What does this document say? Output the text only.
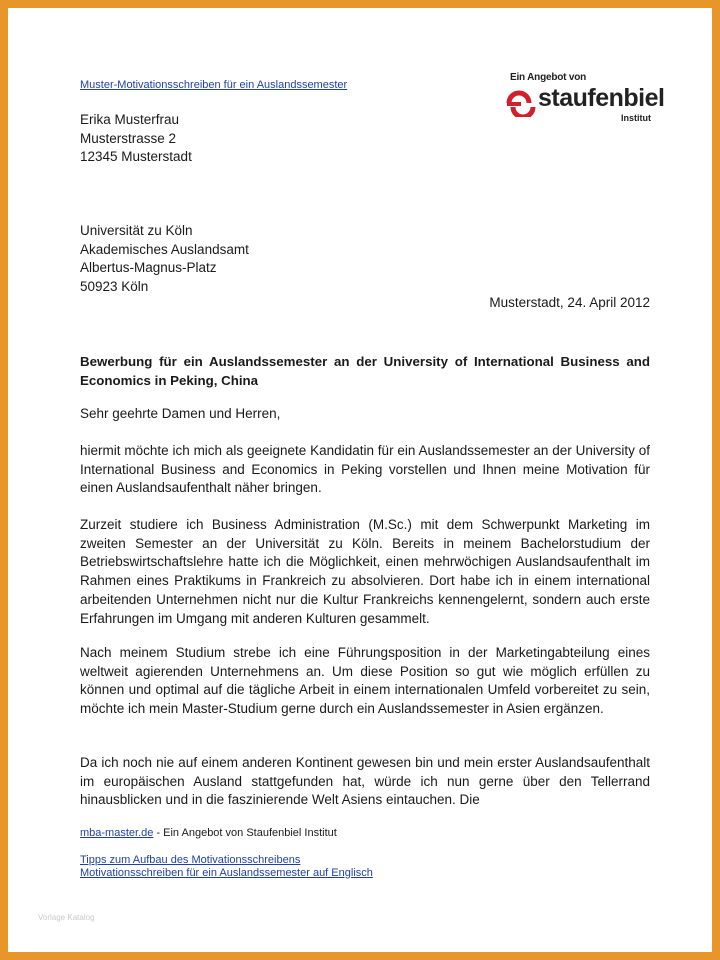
Muster-Motivationsschreiben für ein Auslandssemester
Ein Angebot von
staufenbiel
Institut
Erika Musterfrau
Musterstrasse 2
12345 Musterstadt
Universität zu Köln
Akademisches Auslandsamt
Albertus-Magnus-Platz
50923 Köln
Musterstadt, 24. April 2012
Bewerbung für ein Auslandssemester an der University of International Business and Economics in Peking, China
Sehr geehrte Damen und Herren,
hiermit möchte ich mich als geeignete Kandidatin für ein Auslandssemester an der University of International Business and Economics in Peking vorstellen und Ihnen meine Motivation für einen Auslandsaufenthalt näher bringen.
Zurzeit studiere ich Business Administration (M.Sc.) mit dem Schwerpunkt Marketing im zweiten Semester an der Universität zu Köln. Bereits in meinem Bachelorstudium der Betriebswirtschaftslehre hatte ich die Möglichkeit, einen mehrwöchigen Auslandsaufenthalt im Rahmen eines Praktikums in Frankreich zu absolvieren. Dort habe ich in einem international arbeitenden Unternehmen nicht nur die Kultur Frankreichs kennengelernt, sondern auch erste Erfahrungen im Umgang mit anderen Kulturen gesammelt.
Nach meinem Studium strebe ich eine Führungsposition in der Marketingabteilung eines weltweit agierenden Unternehmens an. Um diese Position so gut wie möglich erfüllen zu können und optimal auf die tägliche Arbeit in einem internationalen Umfeld vorbereitet zu sein, möchte ich mein Master-Studium gerne durch ein Auslandssemester in Asien ergänzen.
Da ich noch nie auf einem anderen Kontinent gewesen bin und mein erster Auslandsaufenthalt im europäischen Ausland stattgefunden hat, würde ich nun gerne über den Tellerrand hinausblicken und in die faszinierende Welt Asiens eintauchen. Die
mba-master.de - Ein Angebot von Staufenbiel Institut
Tipps zum Aufbau des Motivationsschreibens
Motivationsschreiben für ein Auslandssemester auf Englisch
Vorlage Katalog
